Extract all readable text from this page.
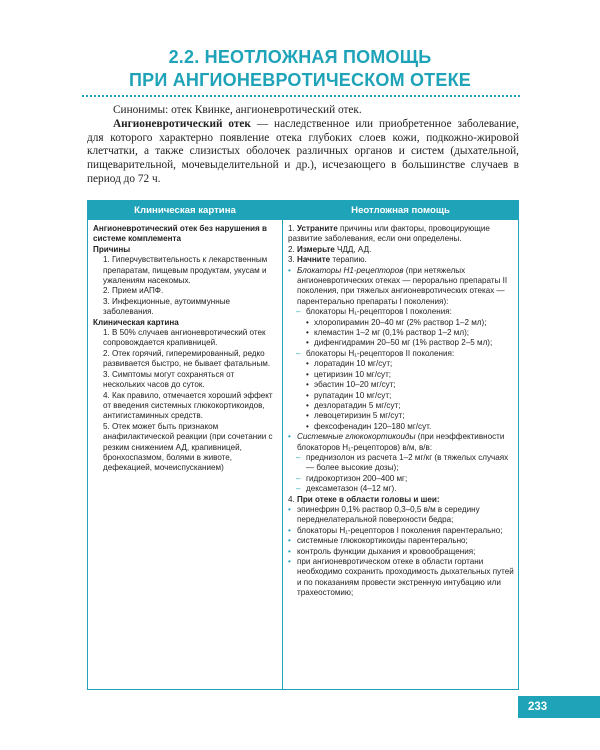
2.2. НЕОТЛОЖНАЯ ПОМОЩЬ
ПРИ АНГИОНЕВРОТИЧЕСКОМ ОТЕКЕ

Синонимы: отек Квинке, ангионевротический отек.

Ангионевротический отек — наследственное или приобретенное заболевание, для которого характерно появление отека глубоких слоев кожи, подкожно-жировой клетчатки, а также слизистых оболочек различных органов и систем (дыхательной, пищеварительной, мочевыделительной и др.), исчезающего в большинстве случаев в период до 72 ч.

Клиническая картина	Неотложная помощь

Ангионевротический отек без нарушения в системе комплемента

Причины

1. Гиперчувствительность к лекарственным препаратам, пищевым продуктам, укусам и ужалениям насекомых.

2. Прием иАПФ.

3. Инфекционные, аутоиммунные заболевания.

Клиническая картина

1. В 50% случаев ангионевротический отек сопровождается крапивницей.

2. Отек горячий, гиперемированный, редко развивается быстро, не бывает фатальным.

3. Симптомы могут сохраняться от нескольких часов до суток.

4. Как правило, отмечается хороший эффект от введения системных глюкокортикоидов, антигистаминных средств.

5. Отек может быть признаком анафилактической реакции (при сочетании с резким снижением АД, крапивницей, бронхоспазмом, болями в животе, дефекацией, мочеиспусканием)

1. Устраните причины или факторы, провоцирующие развитие заболевания, если они определены.

2. Измерьте ЧДД, АД.

3. Начните терапию.

• Блокаторы Н1-рецепторов (при нетяжелых ангионевротических отеках — перорально препараты II поколения, при тяжелых ангионевротических отеках — парентерально препараты I поколения):

– блокаторы Н₁-рецепторов I поколения:

• хлоропирамин 20–40 мг (2% раствор 1–2 мл);

• клемастин 1–2 мг (0,1% раствор 1–2 мл);

• дифенгидрамин 20–50 мг (1% раствор 2–5 мл);

– блокаторы Н₁-рецепторов II поколения:

• лоратадин 10 мг/сут;

• цетиризин 10 мг/сут;

• эбастин 10–20 мг/сут;

• рупатадин 10 мг/сут;

• дезлоратадин 5 мг/сут;

• левоцетиризин 5 мг/сут;

• фексофенадин 120–180 мг/сут.

• Системные глюкокортикоиды (при неэффективности блокаторов Н₁-рецепторов) в/м, в/в:

– преднизолон из расчета 1–2 мг/кг (в тяжелых случаях — более высокие дозы);

– гидрокортизон 200–400 мг;

– дексаметазон (4–12 мг).

4. При отеке в области головы и шеи:

• эпинефрин 0,1% раствор 0,3–0,5 в/м в середину переднелатеральной поверхности бедра;

• блокаторы Н₁-рецепторов I поколения парентерально;

• системные глюкокортикоиды парентерально;

• контроль функции дыхания и кровообращения;

• при ангионевротическом отеке в области гортани необходимо сохранить проходимость дыхательных путей и по показаниям провести экстренную интубацию или трахеостомию;

233
